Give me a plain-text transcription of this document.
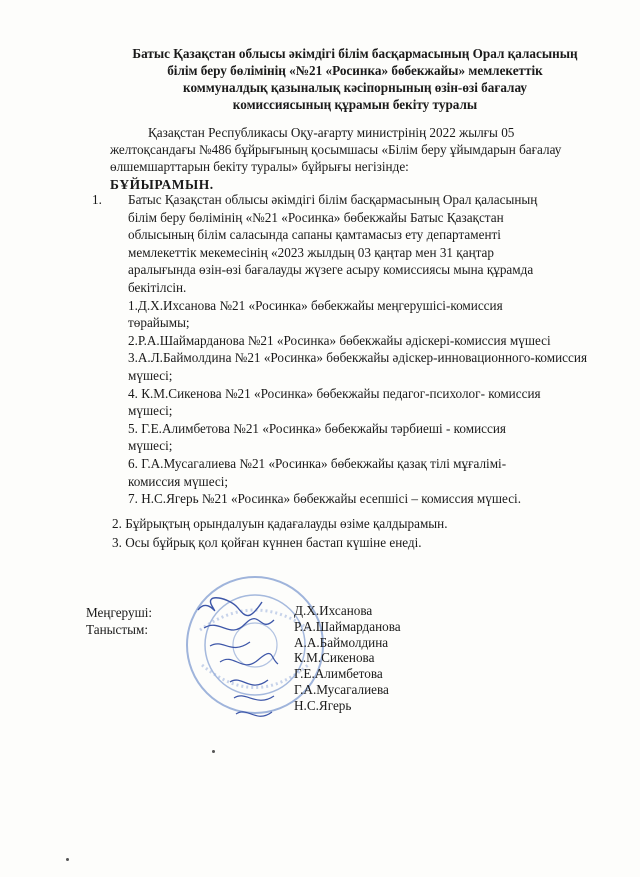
Батыс Қазақстан облысы әкімдігі білім басқармасының Орал қаласының
білім беру бөлімінің «№21 «Росинка» бөбекжайы» мемлекеттік
коммуналдық қазыналық кәсіпорнының өзін-өзі бағалау
комиссиясының құрамын бекіту туралы
Қазақстан Республикасы Оқу-ағарту министрінің 2022 жылғы 05
желтоқсандағы №486 бұйрығының қосымшасы «Білім беру ұйымдарын бағалау
өлшемшарттарын бекіту туралы» бұйрығы негізінде:
БҰЙЫРАМЫН.
1. Батыс Қазақстан облысы әкімдігі білім басқармасының Орал қаласының
білім беру бөлімінің «№21 «Росинка» бөбекжайы Батыс Қазақстан
облысының білім саласында сапаны қамтамасыз ету департаменті
мемлекеттік мекемесінің «2023 жылдың 03 қаңтар мен 31 қаңтар
аралығында өзін-өзі бағалауды жүзеге асыру комиссиясы мына құрамда
бекітілсін.
1.Д.Х.Ихсанова №21 «Росинка» бөбекжайы меңгерушісі-комиссия
төрайымы;
2.Р.А.Шаймарданова №21 «Росинка» бөбекжайы әдіскері-комиссия мүшесі
3.А.Л.Баймолдина №21 «Росинка» бөбекжайы әдіскер-инновационного-комиссия
мүшесі;
4. К.М.Сикенова №21 «Росинка» бөбекжайы педагог-психолог- комиссия
мүшесі;
5. Г.Е.Алимбетова №21 «Росинка» бөбекжайы тәрбиеші - комиссия
мүшесі;
6. Г.А.Мусагалиева №21 «Росинка» бөбекжайы қазақ тілі мұғалімі-
комиссия мүшесі;
7. Н.С.Ягерь №21 «Росинка» бөбекжайы есепшісі – комиссия мүшесі.
2. Бұйрықтың орындалуын қадағалауды өзіме қалдырамын.
3. Осы бұйрық қол қойған күннен бастап күшіне енеді.
Меңгеруші:
Таныстым:
Д.Х.Ихсанова
Р.А.Шаймарданова
А.А.Баймолдина
К.М.Сикенова
Г.Е.Алимбетова
Г.А.Мусагалиева
Н.С.Ягерь
